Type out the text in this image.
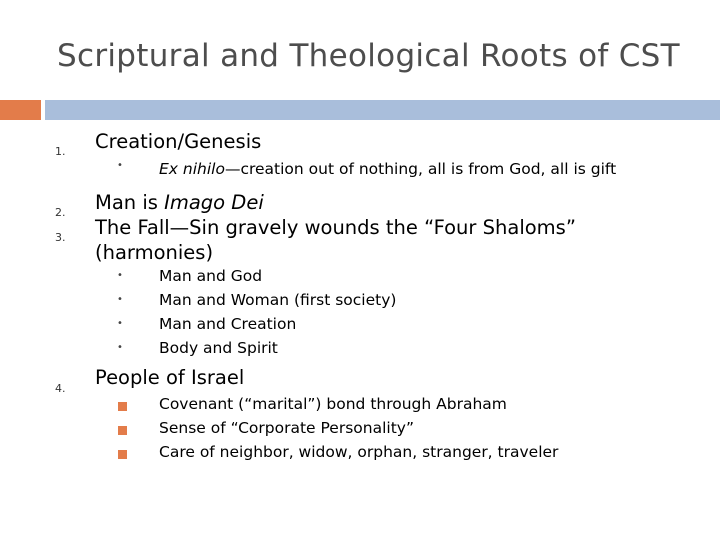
Scriptural and Theological Roots of CST
1. Creation/Genesis
• Ex nihilo—creation out of nothing, all is from God, all is gift
2. Man is Imago Dei
3. The Fall—Sin gravely wounds the “Four Shaloms”
(harmonies)
• Man and God
• Man and Woman (first society)
• Man and Creation
• Body and Spirit
4. People of Israel
Covenant (“marital”) bond through Abraham
Sense of “Corporate Personality”
Care of neighbor, widow, orphan, stranger, traveler
